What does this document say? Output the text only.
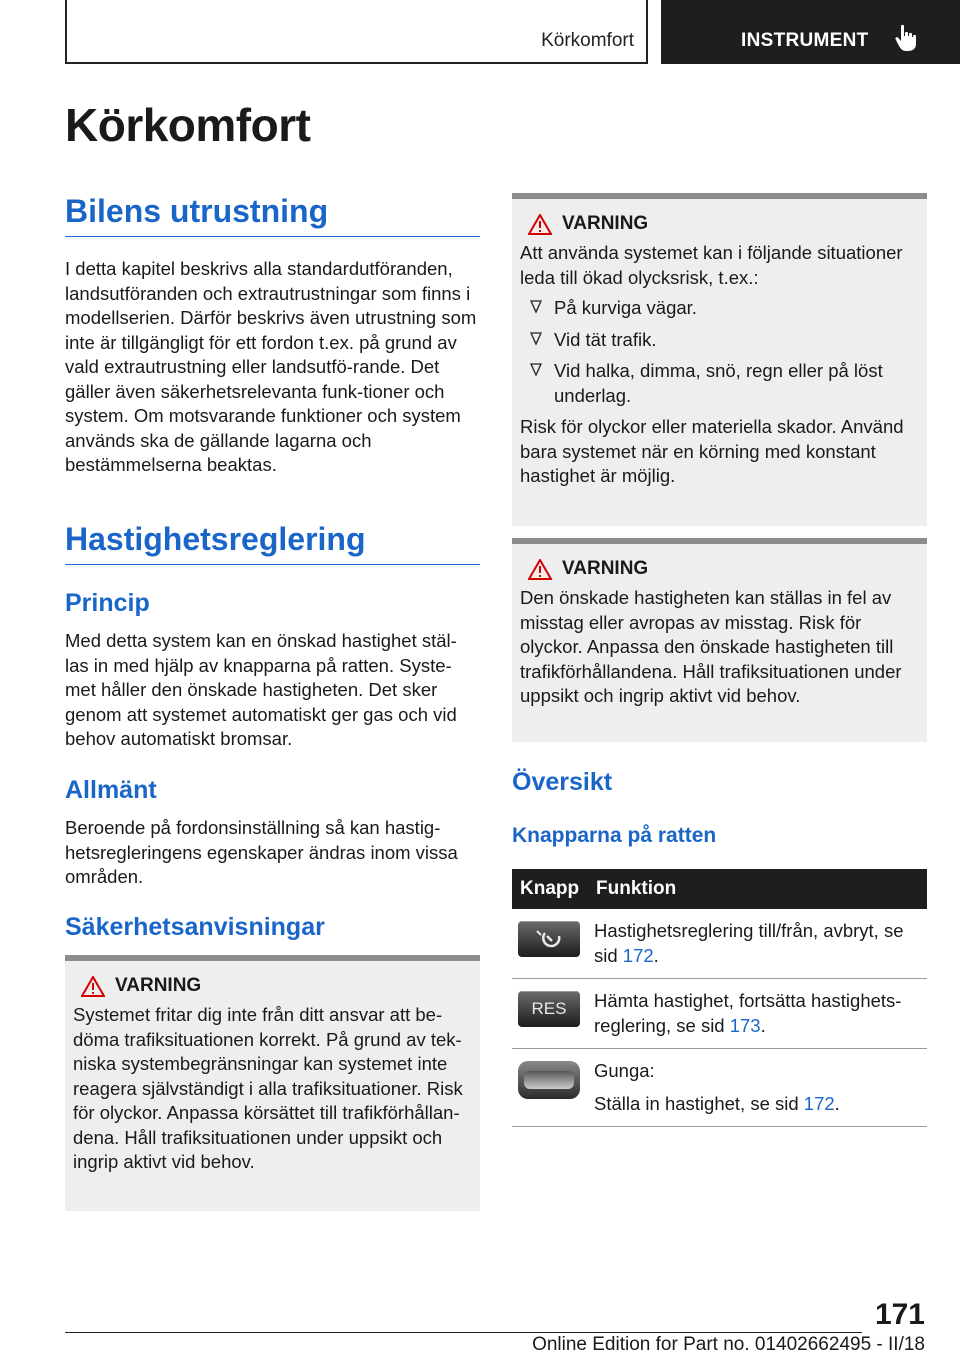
Körkomfort	INSTRUMENT
Körkomfort
Bilens utrustning

I detta kapitel beskrivs alla standardutföranden, landsutföranden och extrautrustningar som finns i modellserien. Därför beskrivs även utrustning som inte är tillgängligt för ett fordon t.ex. på grund av vald extrautrustning eller landsutfö-rande. Det gäller även säkerhetsrelevanta funk-tioner och system. Om motsvarande funktioner och system används ska de gällande lagarna och bestämmelserna beaktas.

Hastighetsreglering
Princip

Med detta system kan en önskad hastighet stäl-las in med hjälp av knapparna på ratten. Syste-met håller den önskade hastigheten. Det sker genom att systemet automatiskt ger gas och vid behov automatiskt bromsar.

Allmänt

Beroende på fordonsinställning så kan hastig-hetsregleringens egenskaper ändras inom vissa områden.

Säkerhetsanvisningar
VARNING

Systemet fritar dig inte från ditt ansvar att be-döma trafiksituationen korrekt. På grund av tek-niska systembegränsningar kan systemet inte reagera självständigt i alla trafiksituationer. Risk för olyckor. Anpassa körsättet till trafikförhållan-dena. Håll trafiksituationen under uppsikt och ingrip aktivt vid behov.

VARNING

Att använda systemet kan i följande situationer leda till ökad olycksrisk, t.ex.:

På kurviga vägar.
Vid tät trafik.
Vid halka, dimma, snö, regn eller på löst underlag.

Risk för olyckor eller materiella skador. Använd bara systemet när en körning med konstant hastighet är möjlig.

VARNING

Den önskade hastigheten kan ställas in fel av misstag eller avropas av misstag. Risk för olyckor. Anpassa den önskade hastigheten till trafikförhållandena. Håll trafiksituationen under uppsikt och ingrip aktivt vid behov.

Översikt
Knapparna på ratten
Knapp	Funktion

	Hastighetsreglering till/från, avbryt, se sid 172.

RES	Hämta hastighet, fortsätta hastighets-reglering, se sid 173.

	Gunga:

Ställa in hastighet, se sid 172.

171
Online Edition for Part no. 01402662495 - II/18
